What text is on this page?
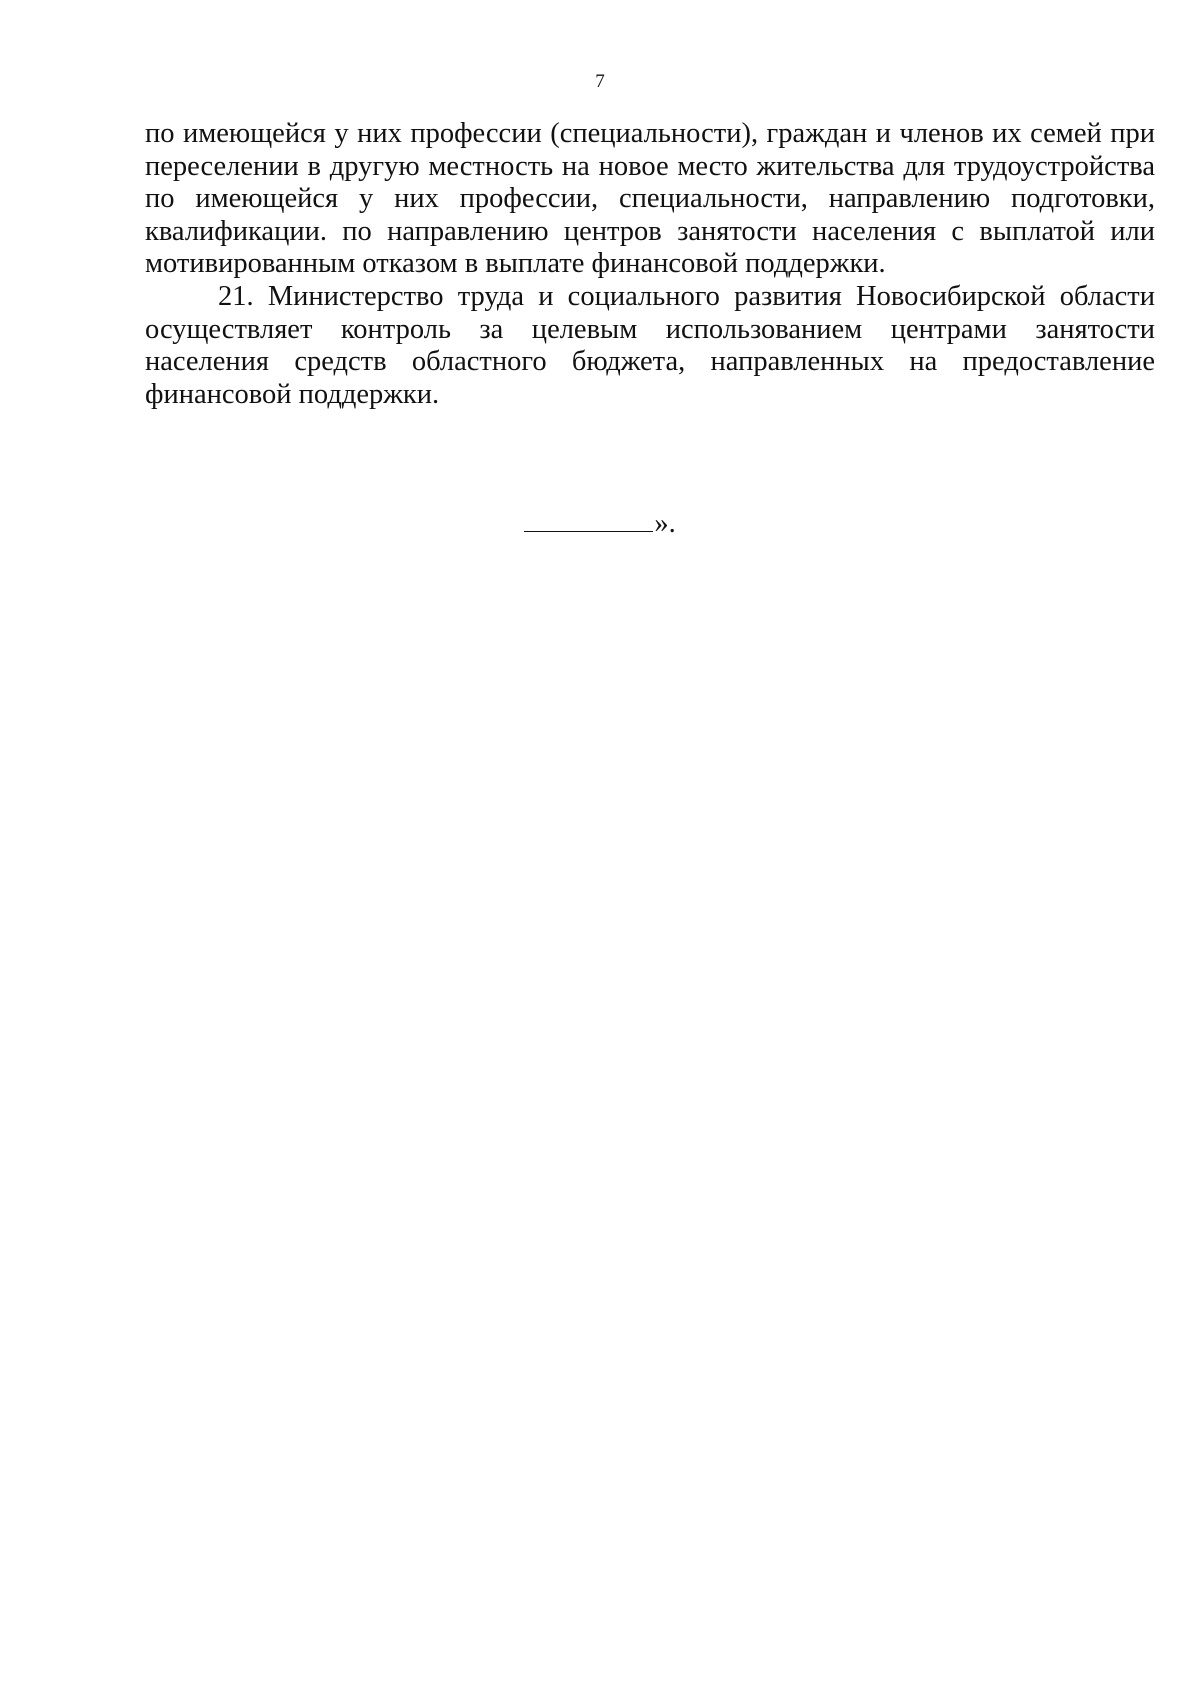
7

по имеющейся у них профессии (специальности), граждан и членов их семей при переселении в другую местность на новое место жительства для трудоустройства по имеющейся у них профессии, специальности, направлению подготовки, квалификации. по направлению центров занятости населения с выплатой или мотивированным отказом в выплате финансовой поддержки.

21. Министерство труда и социального развития Новосибирской области осуществляет контроль за целевым использованием центрами занятости населения средств областного бюджета, направленных на предоставление финансовой поддержки.

».
